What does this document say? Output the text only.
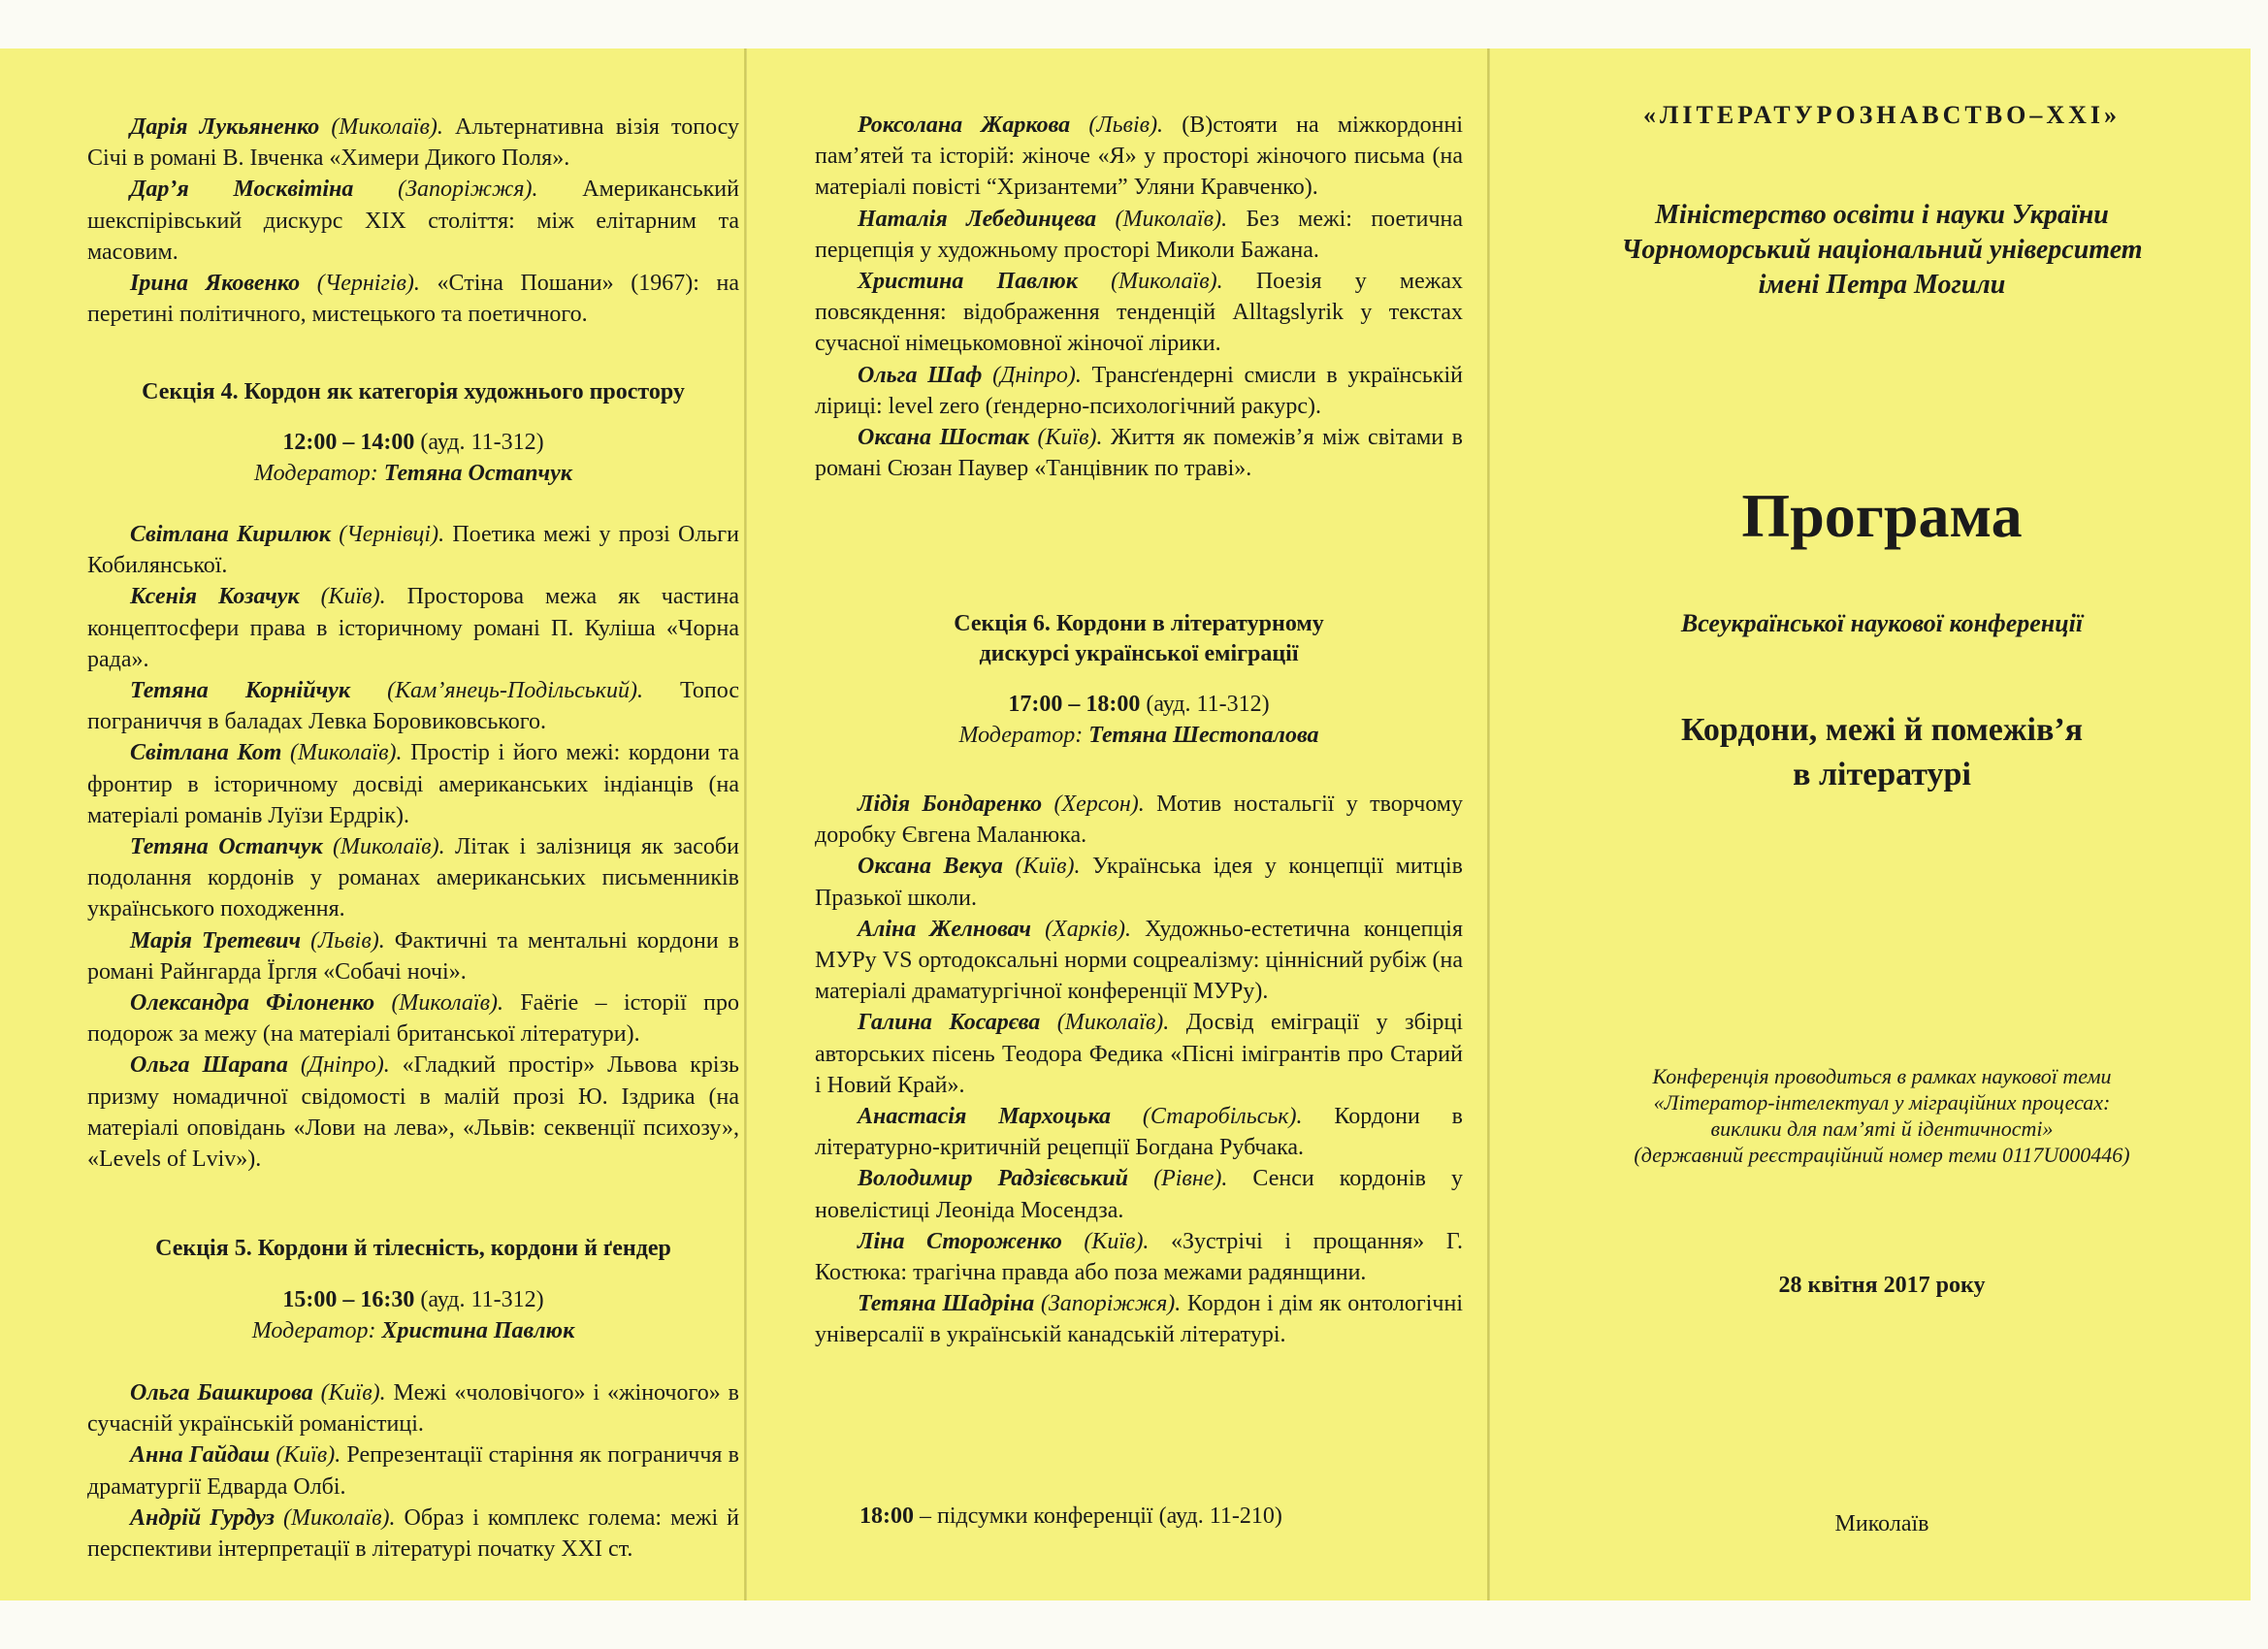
Дарія Лукьяненко (Миколаїв). Альтернативна візія топосу Січі в романі В. Івченка «Химери Дикого Поля».

Дар’я Москвітіна (Запоріжжя). Американський шекспірівський дискурс XIX століття: між елітарним та масовим.

Ірина Яковенко (Чернігів). «Стіна Пошани» (1967): на перетині політичного, мистецького та поетичного.

Секція 4. Кордон як категорія художнього простору

12:00 – 14:00 (ауд. 11-312)

Модератор: Тетяна Остапчук

Світлана Кирилюк (Чернівці). Поетика межі у прозі Ольги Кобилянської.

Ксенія Козачук (Київ). Просторова межа як частина концептосфери права в історичному романі П. Куліша «Чорна рада».

Тетяна Корнійчук (Кам’янець-Подільський). Топос пограниччя в баладах Левка Боровиковського.

Світлана Кот (Миколаїв). Простір і його межі: кордони та фронтир в історичному досвіді американських індіанців (на матеріалі романів Луїзи Ердрік).

Тетяна Остапчук (Миколаїв). Літак і залізниця як засоби подолання кордонів у романах американських письменників українського походження.

Марія Третевич (Львів). Фактичні та ментальні кордони в романі Райнгарда Їргля «Собачі ночі».

Олександра Філоненко (Миколаїв). Faërie – історії про подорож за межу (на матеріалі британської літератури).

Ольга Шарапа (Дніпро). «Гладкий простір» Львова крізь призму номадичної свідомості в малій прозі Ю. Іздрика (на матеріалі оповідань «Лови на лева», «Львів: секвенції психозу», «Levels of Lviv»).

Секція 5. Кордони й тілесність, кордони й ґендер

15:00 – 16:30 (ауд. 11-312)

Модератор: Христина Павлюк

Ольга Башкирова (Київ). Межі «чоловічого» і «жіночого» в сучасній українській романістиці.

Анна Гайдаш (Київ). Репрезентації старіння як пограниччя в драматургії Едварда Олбі.

Андрій Гурдуз (Миколаїв). Образ і комплекс голема: межі й перспективи інтерпретації в літературі початку XXI ст.

Роксолана Жаркова (Львів). (В)стояти на міжкордонні пам’ятей та історій: жіноче «Я» у просторі жіночого письма (на матеріалі повісті “Хризантеми” Уляни Кравченко).

Наталія Лебединцева (Миколаїв). Без межі: поетична перцепція у художньому просторі Миколи Бажана.

Христина Павлюк (Миколаїв). Поезія у межах повсякдення: відображення тенденцій Alltagslyrik у текстах сучасної німецькомовної жіночої лірики.

Ольга Шаф (Дніпро). Трансґендерні смисли в українській ліриці: level zero (ґендерно-психологічний ракурс).

Оксана Шостак (Київ). Життя як помежів’я між світами в романі Сюзан Паувер «Танцівник по траві».

Секція 6. Кордони в літературному

дискурсі української еміграції

17:00 – 18:00 (ауд. 11-312)

Модератор: Тетяна Шестопалова

Лідія Бондаренко (Херсон). Мотив ностальгії у творчому доробку Євгена Маланюка.

Оксана Векуа (Київ). Українська ідея у концепції митців Празької школи.

Аліна Желновач (Харків). Художньо-естетична концепція МУРу VS ортодоксальні норми соцреалізму: ціннісний рубіж (на матеріалі драматургічної конференції МУРу).

Галина Косарєва (Миколаїв). Досвід еміграції у збірці авторських пісень Теодора Федика «Пісні імігрантів про Старий і Новий Край».

Анастасія Мархоцька (Старобільськ). Кордони в літературно-критичній рецепції Богдана Рубчака.

Володимир Радзієвський (Рівне). Сенси кордонів у новелістиці Леоніда Мосендза.

Ліна Стороженко (Київ). «Зустрічі і прощання» Г. Костюка: трагічна правда або поза межами радянщини.

Тетяна Шадріна (Запоріжжя). Кордон і дім як онтологічні універсалії в українській канадській літературі.

18:00 – підсумки конференції (ауд. 11-210)

«ЛІТЕРАТУРОЗНАВСТВО–XXI»

Міністерство освіти і науки України
Чорноморський національний університет
імені Петра Могили

Програма

Всеукраїнської наукової конференції

Кордони, межі й помежів’я
в літературі
Конференція проводиться в рамках наукової теми
«Літератор-інтелектуал у міграційних процесах:
виклики для пам’яті й ідентичності»
(державний реєстраційний номер теми 0117U000446)

28 квітня 2017 року

Миколаїв
